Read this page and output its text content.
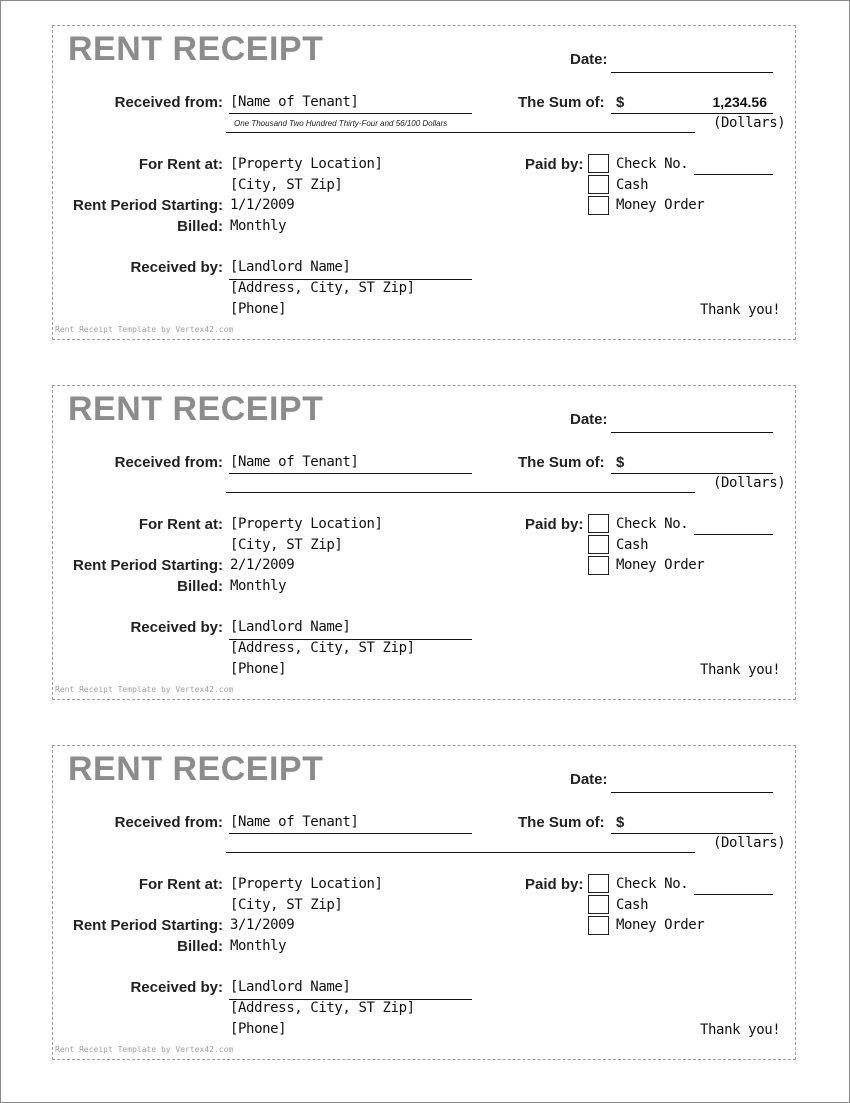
RENT RECEIPT	Date:
Received from: [Name of Tenant]	The Sum of: $	1,234.56
One Thousand Two Hundred Thirty-Four and 56/100 Dollars	(Dollars)
For Rent at: [Property Location]
[City, ST Zip]
Rent Period Starting: 1/1/2009
Billed: Monthly
Paid by: Check No.
Cash
Money Order
Received by: [Landlord Name]
[Address, City, ST Zip]
[Phone]	Thank you!
Rent Receipt Template by Vertex42.com
RENT RECEIPT	Date:
Received from: [Name of Tenant]	The Sum of: $
(Dollars)
For Rent at: [Property Location]
[City, ST Zip]
Rent Period Starting: 2/1/2009
Billed: Monthly
Paid by: Check No.
Cash
Money Order
Received by: [Landlord Name]
[Address, City, ST Zip]
[Phone]	Thank you!
Rent Receipt Template by Vertex42.com
RENT RECEIPT	Date:
Received from: [Name of Tenant]	The Sum of: $
(Dollars)
For Rent at: [Property Location]
[City, ST Zip]
Rent Period Starting: 3/1/2009
Billed: Monthly
Paid by: Check No.
Cash
Money Order
Received by: [Landlord Name]
[Address, City, ST Zip]
[Phone]	Thank you!
Rent Receipt Template by Vertex42.com
